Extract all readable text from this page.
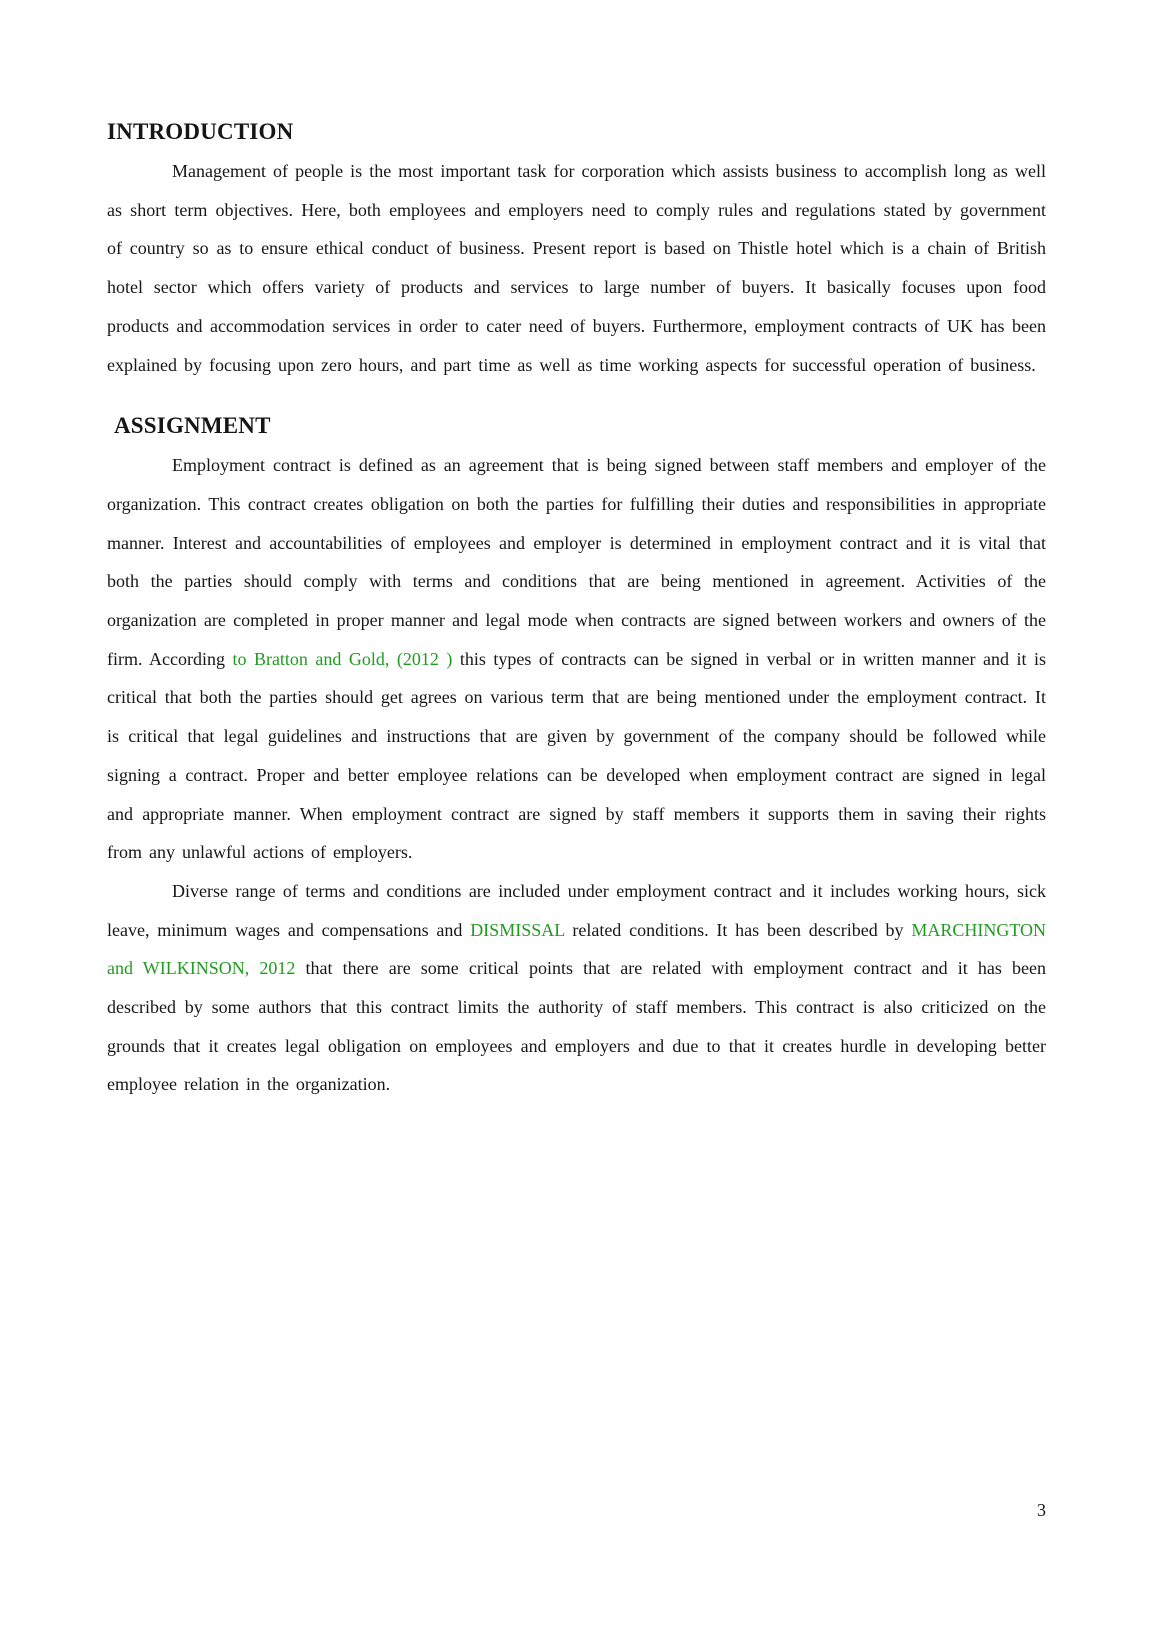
INTRODUCTION

Management of people is the most important task for corporation which assists business to accomplish long as well as short term objectives. Here, both employees and employers need to comply rules and regulations stated by government of country so as to ensure ethical conduct of business. Present report is based on Thistle hotel which is a chain of British hotel sector which offers variety of products and services to large number of buyers. It basically focuses upon food products and accommodation services in order to cater need of buyers. Furthermore, employment contracts of UK has been explained by focusing upon zero hours, and part time as well as time working aspects for successful operation of business.

ASSIGNMENT

Employment contract is defined as an agreement that is being signed between staff members and employer of the organization. This contract creates obligation on both the parties for fulfilling their duties and responsibilities in appropriate manner. Interest and accountabilities of employees and employer is determined in employment contract and it is vital that both the parties should comply with terms and conditions that are being mentioned in agreement. Activities of the organization are completed in proper manner and legal mode when contracts are signed between workers and owners of the firm. According to Bratton and Gold, (2012 ) this types of contracts can be signed in verbal or in written manner and it is critical that both the parties should get agrees on various term that are being mentioned under the employment contract. It is critical that legal guidelines and instructions that are given by government of the company should be followed while signing a contract. Proper and better employee relations can be developed when employment contract are signed in legal and appropriate manner. When employment contract are signed by staff members it supports them in saving their rights from any unlawful actions of employers.

Diverse range of terms and conditions are included under employment contract and it includes working hours, sick leave, minimum wages and compensations and DISMISSAL related conditions. It has been described by MARCHINGTON and WILKINSON, 2012 that there are some critical points that are related with employment contract and it has been described by some authors that this contract limits the authority of staff members. This contract is also criticized on the grounds that it creates legal obligation on employees and employers and due to that it creates hurdle in developing better employee relation in the organization.

3
